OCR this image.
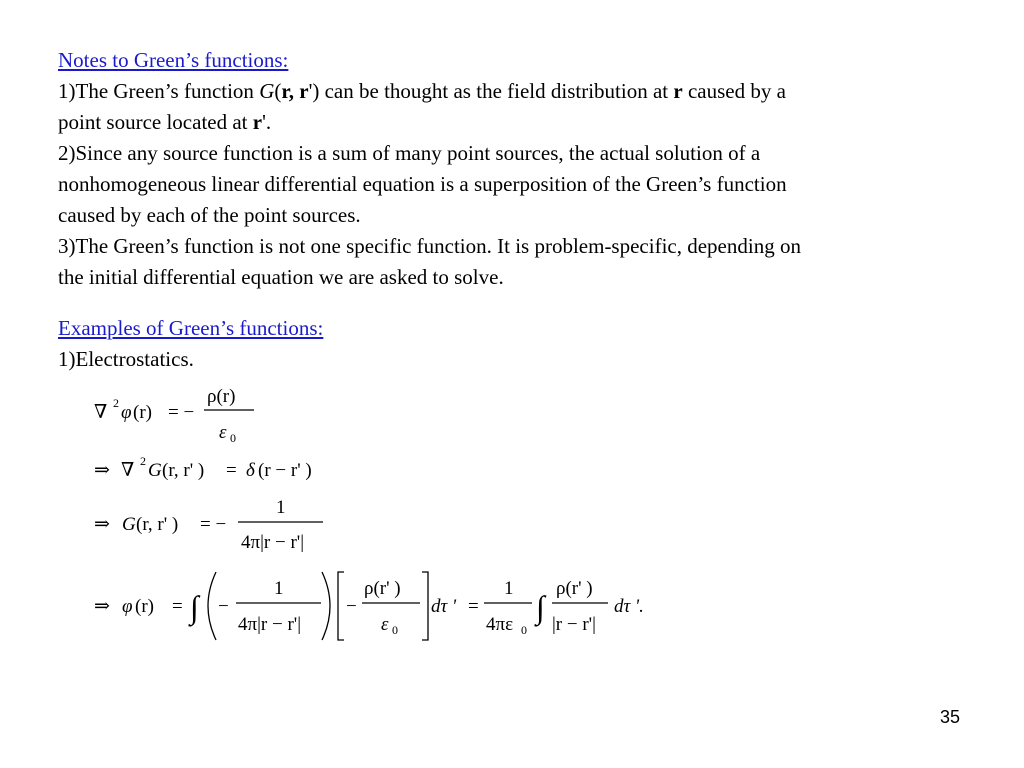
Notes to Green’s functions:
1)The Green’s function G(r, r') can be thought as the field distribution at r caused by a
point source located at r'.
2)Since any source function is a sum of many point sources, the actual solution of a
nonhomogeneous linear differential equation is a superposition of the Green’s function
caused by each of the point sources.
3)The Green’s function is not one specific function. It is problem-specific, depending on
the initial differential equation we are asked to solve.
Examples of Green’s functions:
1)Electrostatics.
∇ 2 φ (r) = −
ρ(r)
ε 0
⇒ ∇ 2 G (r, r' ) = δ (r − r' )
⇒ G (r, r' ) = −
1
4π|r − r'|
⇒ φ (r) = ∫ −
1
4π|r − r'|
−
ρ(r' )
ε 0
dτ ' =
1
4πε 0
∫
ρ(r' )
|r − r'|
dτ '.
35
